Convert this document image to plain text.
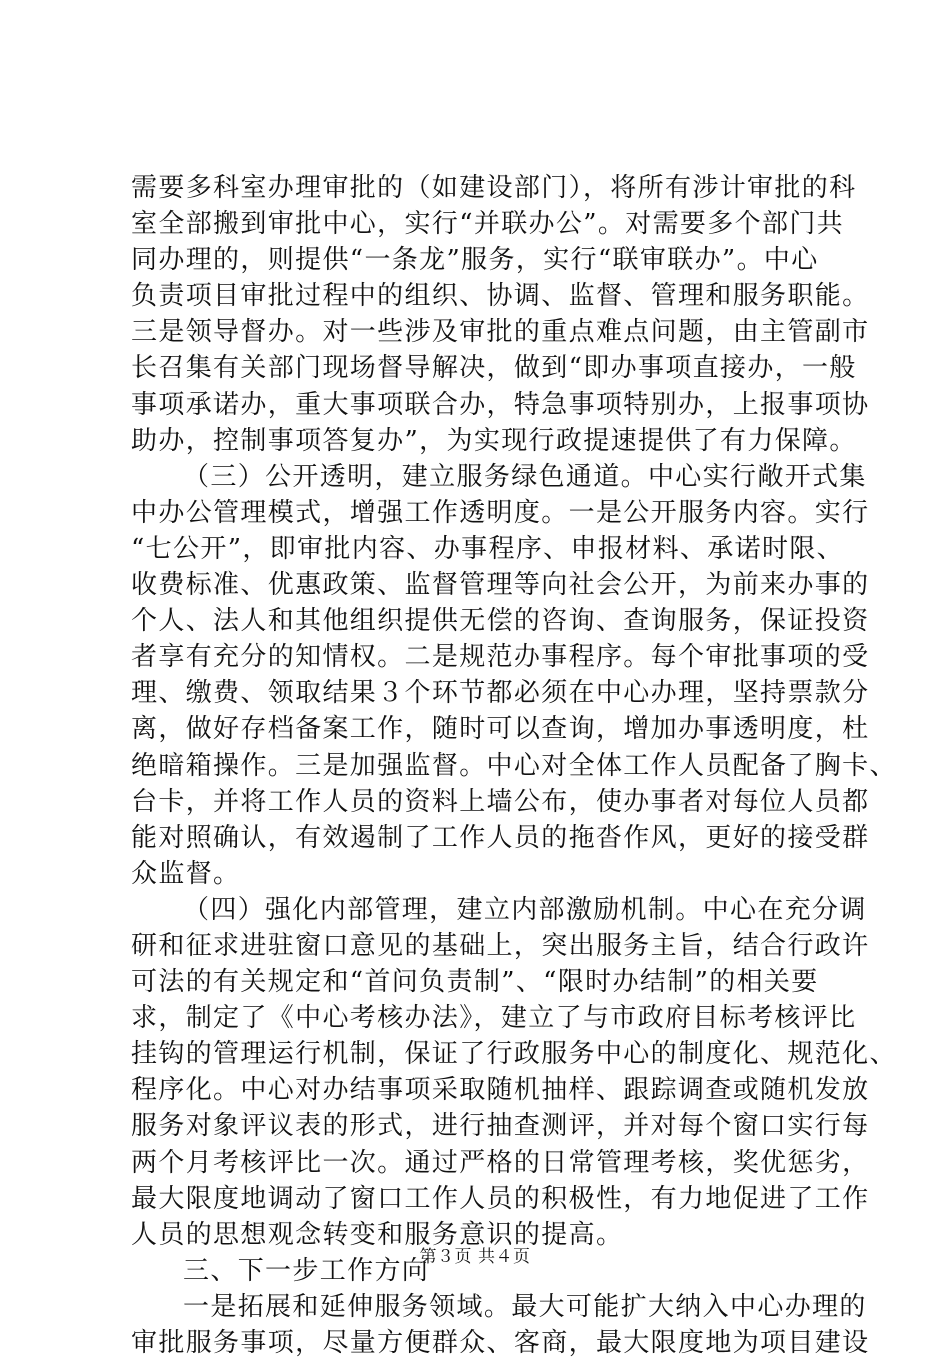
需要多科室办理审批的（如建设部门），将所有涉计审批的科
室全部搬到审批中心，实行“并联办公”。对需要多个部门共
同办理的，则提供“一条龙”服务，实行“联审联办”。中心
负责项目审批过程中的组织、协调、监督、管理和服务职能。
三是领导督办。对一些涉及审批的重点难点问题，由主管副市
长召集有关部门现场督导解决，做到“即办事项直接办，一般
事项承诺办，重大事项联合办，特急事项特别办，上报事项协
助办，控制事项答复办”，为实现行政提速提供了有力保障。
（三）公开透明，建立服务绿色通道。中心实行敞开式集
中办公管理模式，增强工作透明度。一是公开服务内容。实行
“七公开”，即审批内容、办事程序、申报材料、承诺时限、
收费标准、优惠政策、监督管理等向社会公开，为前来办事的
个人、法人和其他组织提供无偿的咨询、查询服务，保证投资
者享有充分的知情权。二是规范办事程序。每个审批事项的受
理、缴费、领取结果３个环节都必须在中心办理，坚持票款分
离，做好存档备案工作，随时可以查询，增加办事透明度，杜
绝暗箱操作。三是加强监督。中心对全体工作人员配备了胸卡、
台卡，并将工作人员的资料上墙公布，使办事者对每位人员都
能对照确认，有效遏制了工作人员的拖沓作风，更好的接受群
众监督。
（四）强化内部管理，建立内部激励机制。中心在充分调
研和征求进驻窗口意见的基础上，突出服务主旨，结合行政许
可法的有关规定和“首问负责制”、“限时办结制”的相关要
求，制定了《中心考核办法》，建立了与市政府目标考核评比
挂钩的管理运行机制，保证了行政服务中心的制度化、规范化、
程序化。中心对办结事项采取随机抽样、跟踪调查或随机发放
服务对象评议表的形式，进行抽查测评，并对每个窗口实行每
两个月考核评比一次。通过严格的日常管理考核，奖优惩劣，
最大限度地调动了窗口工作人员的积极性，有力地促进了工作
人员的思想观念转变和服务意识的提高。
三、下一步工作方向
一是拓展和延伸服务领域。最大可能扩大纳入中心办理的
审批服务事项，尽量方便群众、客商，最大限度地为项目建设
第３页 共４页
